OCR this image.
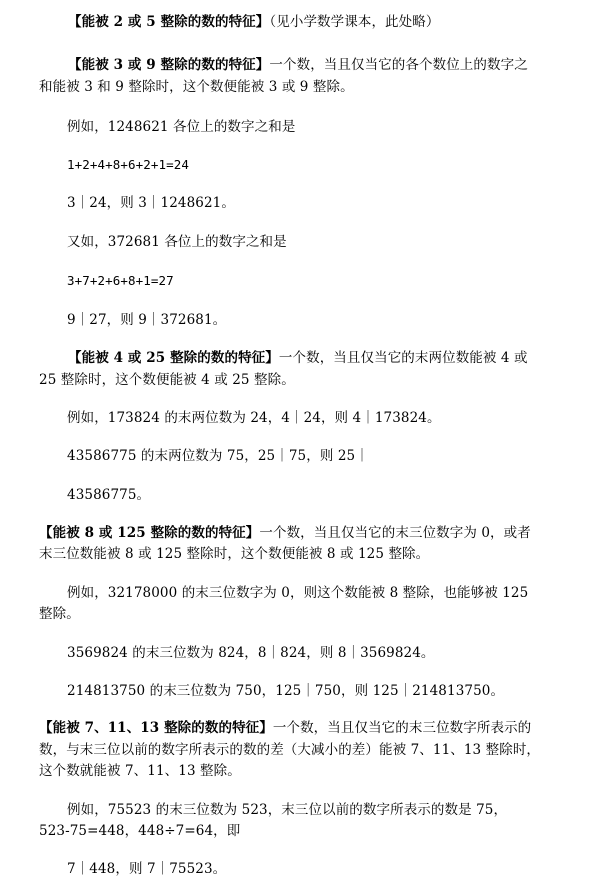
【能被 2 或 5 整除的数的特征】（见小学数学课本，此处略）
【能被 3 或 9 整除的数的特征】一个数，当且仅当它的各个数位上的数字之
和能被 3 和 9 整除时，这个数便能被 3 或 9 整除。
例如，1248621 各位上的数字之和是
1+2+4+8+6+2+1=24
3｜24，则 3｜1248621。
又如，372681 各位上的数字之和是
3+7+2+6+8+1=27
9｜27，则 9｜372681。
【能被 4 或 25 整除的数的特征】一个数，当且仅当它的末两位数能被 4 或
25 整除时，这个数便能被 4 或 25 整除。
例如，173824 的末两位数为 24，4｜24，则 4｜173824。
43586775 的末两位数为 75，25｜75，则 25｜
43586775。
【能被 8 或 125 整除的数的特征】一个数，当且仅当它的末三位数字为 0，或者
末三位数能被 8 或 125 整除时，这个数便能被 8 或 125 整除。
例如，32178000 的末三位数字为 0，则这个数能被 8 整除，也能够被 125
整除。
3569824 的末三位数为 824，8｜824，则 8｜3569824。
214813750 的末三位数为 750，125｜750，则 125｜214813750。
【能被 7、11、13 整除的数的特征】一个数，当且仅当它的末三位数字所表示的
数，与末三位以前的数字所表示的数的差（大减小的差）能被 7、11、13 整除时，
这个数就能被 7、11、13 整除。
例如，75523 的末三位数为 523，末三位以前的数字所表示的数是 75，
523-75=448，448÷7=64，即
7｜448，则 7｜75523。
